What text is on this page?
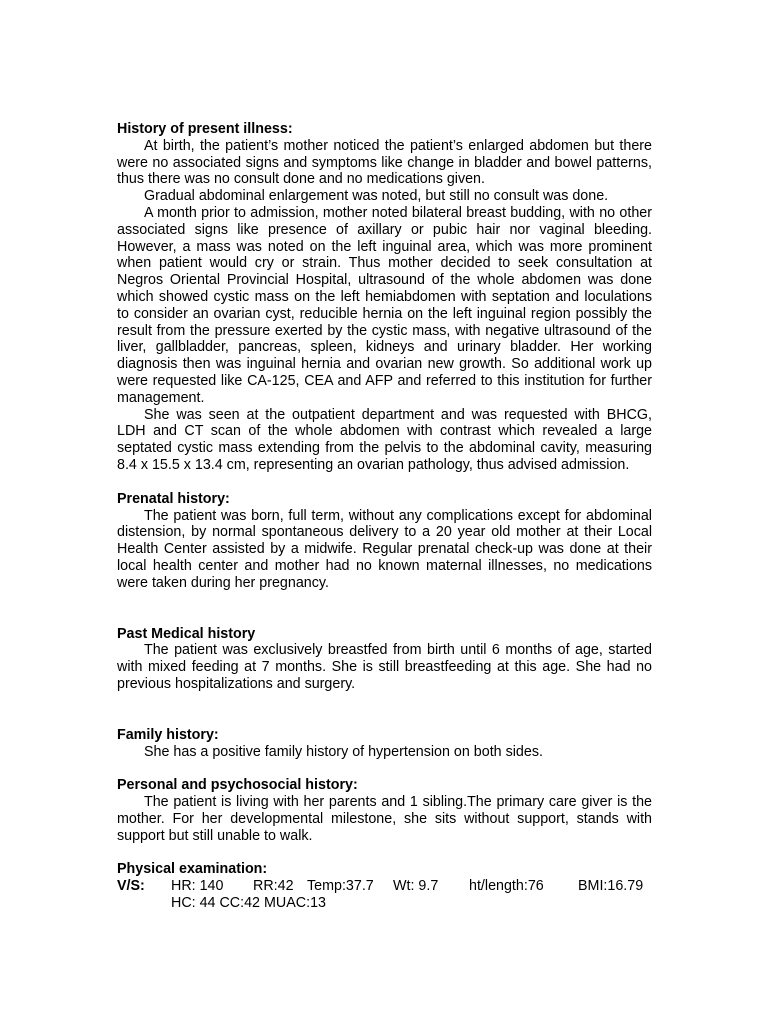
History of present illness:

At birth, the patient’s mother noticed the patient’s enlarged abdomen but there were no associated signs and symptoms like change in bladder and bowel patterns, thus there was no consult done and no medications given.

Gradual abdominal enlargement was noted, but still no consult was done.

A month prior to admission, mother noted bilateral breast budding, with no other associated signs like presence of axillary or pubic hair nor vaginal bleeding. However, a mass was noted on the left inguinal area, which was more prominent when patient would cry or strain. Thus mother decided to seek consultation at Negros Oriental Provincial Hospital, ultrasound of the whole abdomen was done which showed cystic mass on the left hemiabdomen with septation and loculations to consider an ovarian cyst, reducible hernia on the left inguinal region possibly the result from the pressure exerted by the cystic mass, with negative ultrasound of the liver, gallbladder, pancreas, spleen, kidneys and urinary bladder. Her working diagnosis then was inguinal hernia and ovarian new growth. So additional work up were requested like CA-125, CEA and AFP and referred to this institution for further management.

She was seen at the outpatient department and was requested with BHCG, LDH and CT scan of the whole abdomen with contrast which revealed a large septated cystic mass extending from the pelvis to the abdominal cavity, measuring 8.4 x 15.5 x 13.4 cm, representing an ovarian pathology, thus advised admission.

Prenatal history:

The patient was born, full term, without any complications except for abdominal distension, by normal spontaneous delivery to a 20 year old mother at their Local Health Center assisted by a midwife. Regular prenatal check-up was done at their local health center and mother had no known maternal illnesses, no medications were taken during her pregnancy.

Past Medical history

The patient was exclusively breastfed from birth until 6 months of age, started with mixed feeding at 7 months. She is still breastfeeding at this age. She had no previous hospitalizations and surgery.

Family history:

She has a positive family history of hypertension on both sides.

Personal and psychosocial history:

The patient is living with her parents and 1 sibling.The primary care giver is the mother. For her developmental milestone, she sits without support, stands with support but still unable to walk.

Physical examination:

V/S:	HR: 140	RR:42 Temp:37.7	Wt: 9.7	ht/length:76	BMI:16.79
HC: 44 CC:42 MUAC:13
